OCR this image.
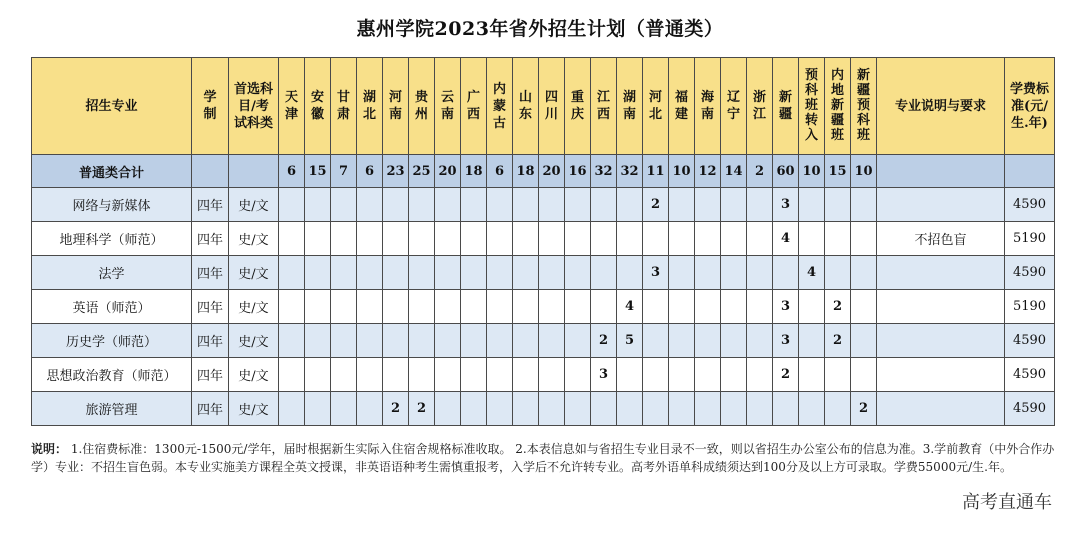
惠州学院2023年省外招生计划（普通类）
招生专业	学制	首选科目/考试科类	天津	安徽	甘肃	湖北	河南	贵州	云南	广西	内蒙古	山东	四川	重庆	江西	湖南	河北	福建	海南	辽宁	浙江	新疆	预科班转入	内地新疆班	新疆预科班	专业说明与要求	学费标准(元/生.年)
普通类合计			6	15	7	6	23	25	20	18	6	18	20	16	32	32	11	10	12	14	2	60	10	15	10		
网络与新媒体	四年	史/文															2					3					4590
地理科学（师范）	四年	史/文																				4				不招色盲	5190
法学	四年	史/文															3						4				4590
英语（师范）	四年	史/文														4						3		2			5190
历史学（师范）	四年	史/文													2	5						3		2			4590
思想政治教育（师范）	四年	史/文													3							2					4590
旅游管理	四年	史/文					2	2																	2		4590
说明： 1.住宿费标准：1300元-1500元/学年，届时根据新生实际入住宿舍规格标准收取。 2.本表信息如与省招生专业目录不一致，则以省招生办公室公布的信息为准。3.学前教育（中外合作办学）专业：不招生盲色弱。本专业实施美方课程全英文授课，非英语语种考生需慎重报考，入学后不允许转专业。高考外语单科成绩须达到100分及以上方可录取。学费55000元/生.年。
高考直通车
